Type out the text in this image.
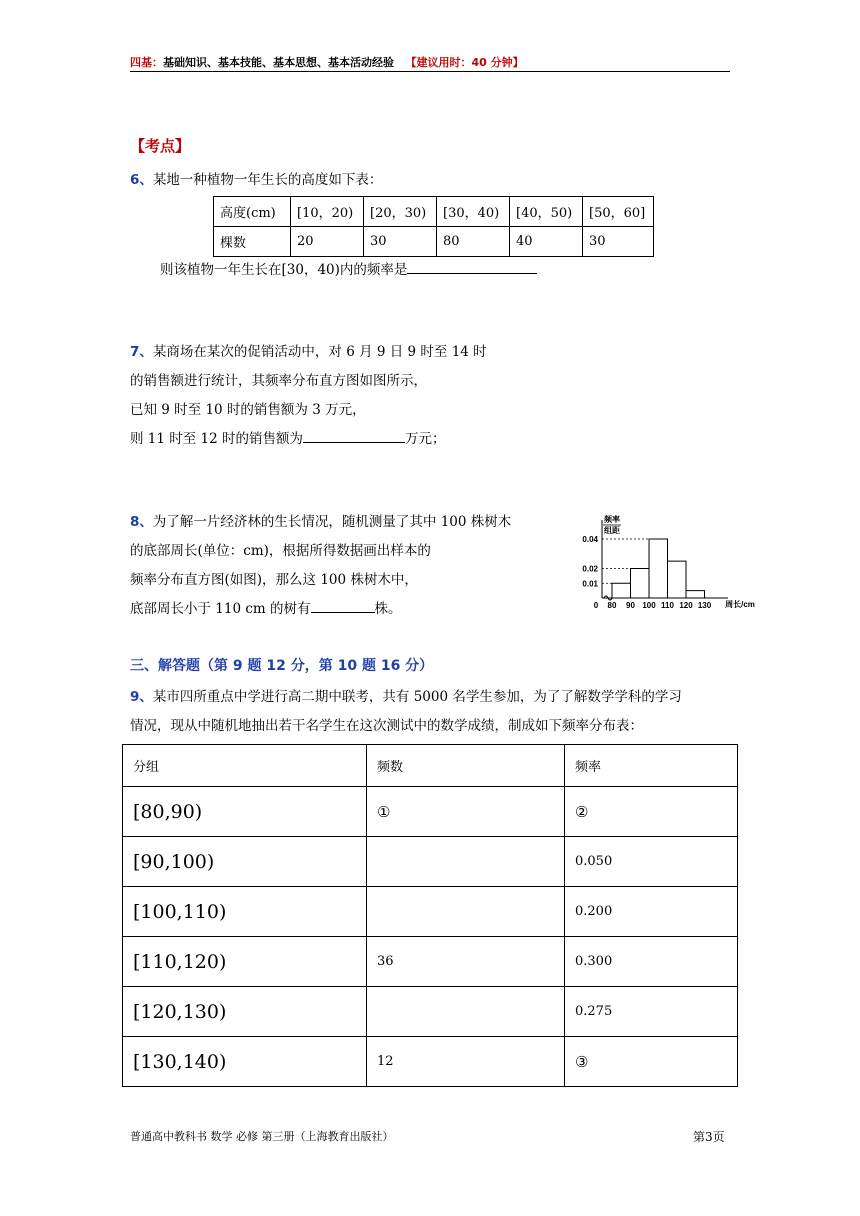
四基：基础知识、基本技能、基本思想、基本活动经验 【建议用时：40 分钟】
【考点】
6、某地一种植物一年生长的高度如下表：
高度(cm)	[10，20)	[20，30)	[30，40)	[40，50)	[50，60]
棵数	20	30	80	40	30
则该植物一年生长在[30，40)内的频率是
7、某商场在某次的促销活动中，对 6 月 9 日 9 时至 14 时
的销售额进行统计，其频率分布直方图如图所示，
已知 9 时至 10 时的销售额为 3 万元，
则 11 时至 12 时的销售额为	万元；
8、为了解一片经济林的生长情况，随机测量了其中 100 株树木
的底部周长(单位：cm)，根据所得数据画出样本的
频率分布直方图(如图)，那么这 100 株树木中，
底部周长小于 110 cm 的树有	株。
0.04
0.02
0.01
80 90 100 110 120 130
0
频率
组距
周长/cm
三、解答题（第 9 题 12 分，第 10 题 16 分）
9、某市四所重点中学进行高二期中联考，共有 5000 名学生参加，为了了解数学学科的学习
情况，现从中随机地抽出若干名学生在这次测试中的数学成绩，制成如下频率分布表：
分组	频数	频率
[80,90)	①	②
[90,100)		0.050
[100,110)		0.200
[110,120)	36	0.300
[120,130)		0.275
[130,140)	12	③
普通高中教科书 数学 必修 第三册（上海教育出版社）	第3页
